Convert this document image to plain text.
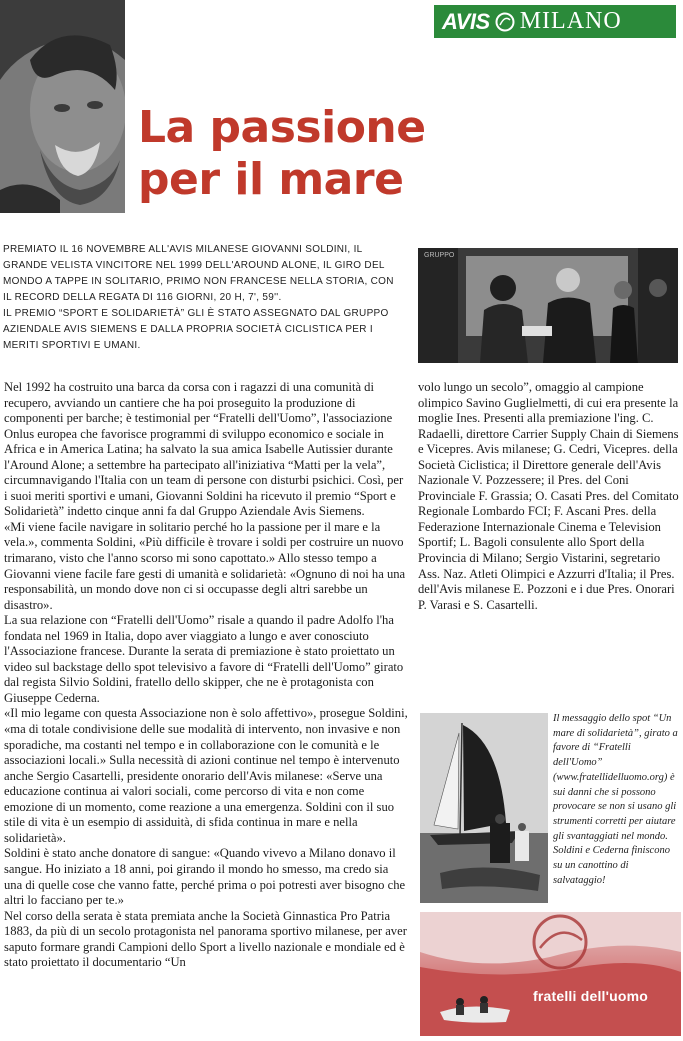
AVIS MILANO
La passione
per il mare

PREMIATO IL 16 NOVEMBRE ALL'AVIS MILANESE GIOVANNI SOLDINI, IL GRANDE VELISTA VINCITORE NEL 1999 DELL'AROUND ALONE, IL GIRO DEL MONDO A TAPPE IN SOLITARIO, PRIMO NON FRANCESE NELLA STORIA, CON IL RECORD DELLA REGATA DI 116 GIORNI, 20 H, 7', 59''.

IL PREMIO “SPORT E SOLIDARIETÀ” GLI È STATO ASSEGNATO DAL GRUPPO AZIENDALE AVIS SIEMENS E DALLA PROPRIA SOCIETÀ CICLISTICA PER I MERITI SPORTIVI E UMANI.

GRUPPO

Nel 1992 ha costruito una barca da corsa con i ragazzi di una comunità di recupero, avviando un cantiere che ha poi proseguito la produzione di componenti per barche; è testimonial per “Fratelli dell'Uomo”, l'associazione Onlus europea che favorisce programmi di sviluppo economico e sociale in Africa e in America Latina; ha salvato la sua amica Isabelle Autissier durante l'Around Alone; a settembre ha partecipato all'iniziativa “Matti per la vela”, circumnavigando l'Italia con un team di persone con disturbi psichici. Così, per i suoi meriti sportivi e umani, Giovanni Soldini ha ricevuto il premio “Sport e Solidarietà” indetto cinque anni fa dal Gruppo Aziendale Avis Siemens.

«Mi viene facile navigare in solitario perché ho la passione per il mare e la vela.», commenta Soldini, «Più difficile è trovare i soldi per costruire un nuovo trimarano, visto che l'anno scorso mi sono capottato.» Allo stesso tempo a Giovanni viene facile fare gesti di umanità e solidarietà: «Ognuno di noi ha una responsabilità, un mondo dove non ci si occupasse degli altri sarebbe un disastro».

La sua relazione con “Fratelli dell'Uomo” risale a quando il padre Adolfo l'ha fondata nel 1969 in Italia, dopo aver viaggiato a lungo e aver conosciuto l'Associazione francese. Durante la serata di premiazione è stato proiettato un video sul backstage dello spot televisivo a favore di “Fratelli dell'Uomo” girato dal regista Silvio Soldini, fratello dello skipper, che ne è protagonista con Giuseppe Cederna.

«Il mio legame con questa Associazione non è solo affettivo», prosegue Soldini, «ma di totale condivisione delle sue modalità di intervento, non invasive e non sporadiche, ma costanti nel tempo e in collaborazione con le comunità e le associazioni locali.» Sulla necessità di azioni continue nel tempo è intervenuto anche Sergio Casartelli, presidente onorario dell'Avis milanese: «Serve una educazione continua ai valori sociali, come percorso di vita e non come emozione di un momento, come reazione a una emergenza. Soldini con il suo stile di vita è un esempio di assiduità, di sfida continua in mare e nella solidarietà».

Soldini è stato anche donatore di sangue: «Quando vivevo a Milano donavo il sangue. Ho iniziato a 18 anni, poi girando il mondo ho smesso, ma credo sia una di quelle cose che vanno fatte, perché prima o poi potresti aver bisogno che altri lo facciano per te.»

Nel corso della serata è stata premiata anche la Società Ginnastica Pro Patria 1883, da più di un secolo protagonista nel panorama sportivo milanese, per aver saputo formare grandi Campioni dello Sport a livello nazionale e mondiale ed è stato proiettato il documentario “Un

volo lungo un secolo”, omaggio al campione olimpico Savino Guglielmetti, di cui era presente la moglie Ines. Presenti alla premiazione l'ing. C. Radaelli, direttore Carrier Supply Chain di Siemens e Vicepres. Avis milanese; G. Cedri, Vicepres. della Società Ciclistica; il Direttore generale dell'Avis Nazionale V. Pozzessere; il Pres. del Coni Provinciale F. Grassia; O. Casati Pres. del Comitato Regionale Lombardo FCI; F. Ascani Pres. della Federazione Internazionale Cinema e Television Sportif; L. Bagoli consulente allo Sport della Provincia di Milano; Sergio Vistarini, segretario Ass. Naz. Atleti Olimpici e Azzurri d'Italia; il Pres. dell'Avis milanese E. Pozzoni e i due Pres. Onorari P. Varasi e S. Casartelli.

Il messaggio dello spot “Un mare di solidarietà”, girato a favore di “Fratelli dell'Uomo” (www.fratellidelluomo.org) è sui danni che si possono provocare se non si usano gli strumenti corretti per aiutare gli svantaggiati nel mondo. Soldini e Cederna finiscono su un canottino di salvataggio!
fratelli dell'uomo
